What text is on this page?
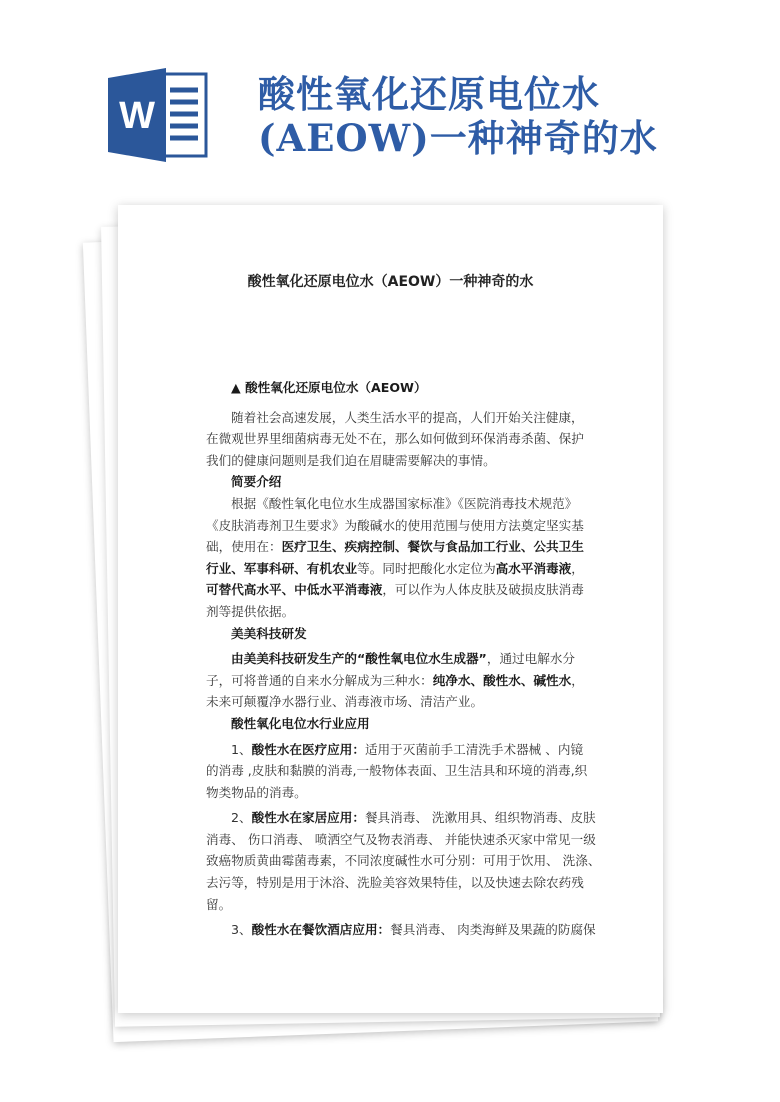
W	酸性氧化还原电位水(AEOW)一种神奇的水
酸性氧化还原电位水（AEOW）一种神奇的水
▲ 酸性氧化还原电位水（AEOW）
随着社会高速发展，人类生活水平的提高，人们开始关注健康，
在微观世界里细菌病毒无处不在，那么如何做到环保消毒杀菌、保护
我们的健康问题则是我们迫在眉睫需要解决的事情。
简要介绍
根据《酸性氧化电位水生成器国家标准》《医院消毒技术规范》
《皮肤消毒剂卫生要求》为酸碱水的使用范围与使用方法奠定坚实基
础，使用在：医疗卫生、疾病控制、餐饮与食品加工行业、公共卫生
行业、军事科研、有机农业等。同时把酸化水定位为高水平消毒液，
可替代高水平、中低水平消毒液，可以作为人体皮肤及破损皮肤消毒
剂等提供依据。
美美科技研发
由美美科技研发生产的“酸性氧电位水生成器”，通过电解水分
子，可将普通的自来水分解成为三种水：纯净水、酸性水、碱性水，
未来可颠覆净水器行业、消毒液市场、清洁产业。
酸性氧化电位水行业应用
1、酸性水在医疗应用：适用于灭菌前手工清洗手术器械 、内镜
的消毒 ,皮肤和黏膜的消毒,一般物体表面、卫生洁具和环境的消毒,织
物类物品的消毒。
2、酸性水在家居应用：餐具消毒、 洗漱用具、组织物消毒、皮肤
消毒、 伤口消毒、 喷洒空气及物表消毒、 并能快速杀灭家中常见一级
致癌物质黄曲霉菌毒素，不同浓度碱性水可分别：可用于饮用、 洗涤、
去污等，特别是用于沐浴、洗脸美容效果特佳，以及快速去除农药残
留。
3、酸性水在餐饮酒店应用：餐具消毒、 肉类海鲜及果蔬的防腐保
